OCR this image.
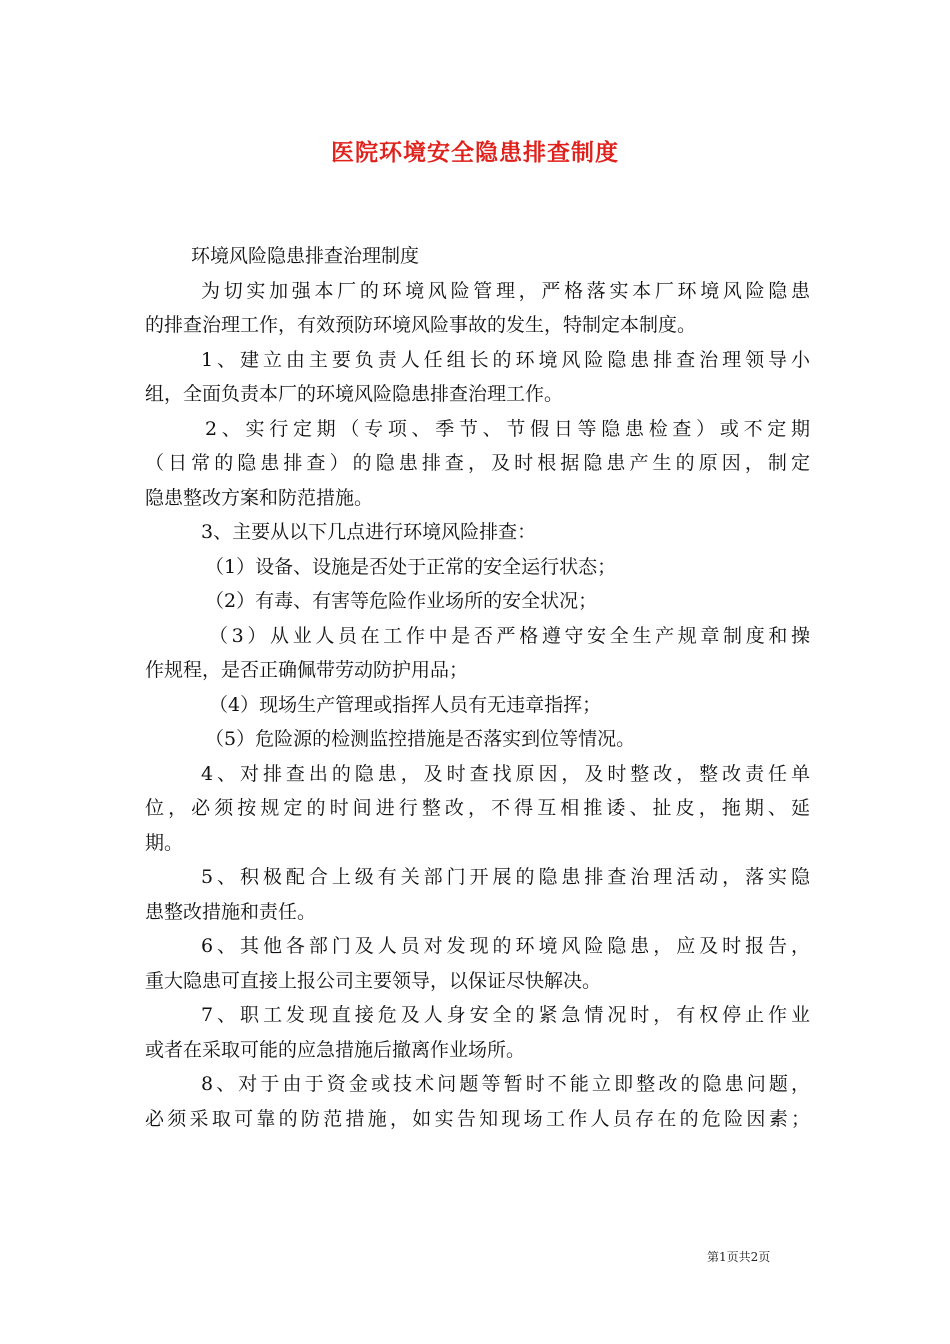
医院环境安全隐患排查制度
环境风险隐患排查治理制度
为切实加强本厂的环境风险管理，严格落实本厂环境风险隐患
的排查治理工作，有效预防环境风险事故的发生，特制定本制度。
1、建立由主要负责人任组长的环境风险隐患排查治理领导小
组，全面负责本厂的环境风险隐患排查治理工作。
2、实行定期（专项、季节、节假日等隐患检查）或不定期
（日常的隐患排查）的隐患排查，及时根据隐患产生的原因，制定
隐患整改方案和防范措施。
3、主要从以下几点进行环境风险排查：
（1）设备、设施是否处于正常的安全运行状态；
（2）有毒、有害等危险作业场所的安全状况；
（3）从业人员在工作中是否严格遵守安全生产规章制度和操
作规程，是否正确佩带劳动防护用品；
（4）现场生产管理或指挥人员有无违章指挥；
（5）危险源的检测监控措施是否落实到位等情况。
4、对排查出的隐患，及时查找原因，及时整改，整改责任单
位，必须按规定的时间进行整改，不得互相推诿、扯皮，拖期、延
期。
5、积极配合上级有关部门开展的隐患排查治理活动，落实隐
患整改措施和责任。
6、其他各部门及人员对发现的环境风险隐患，应及时报告，
重大隐患可直接上报公司主要领导，以保证尽快解决。
7、职工发现直接危及人身安全的紧急情况时，有权停止作业
或者在采取可能的应急措施后撤离作业场所。
8、对于由于资金或技术问题等暂时不能立即整改的隐患问题，
必须采取可靠的防范措施，如实告知现场工作人员存在的危险因素；
第1页共2页
